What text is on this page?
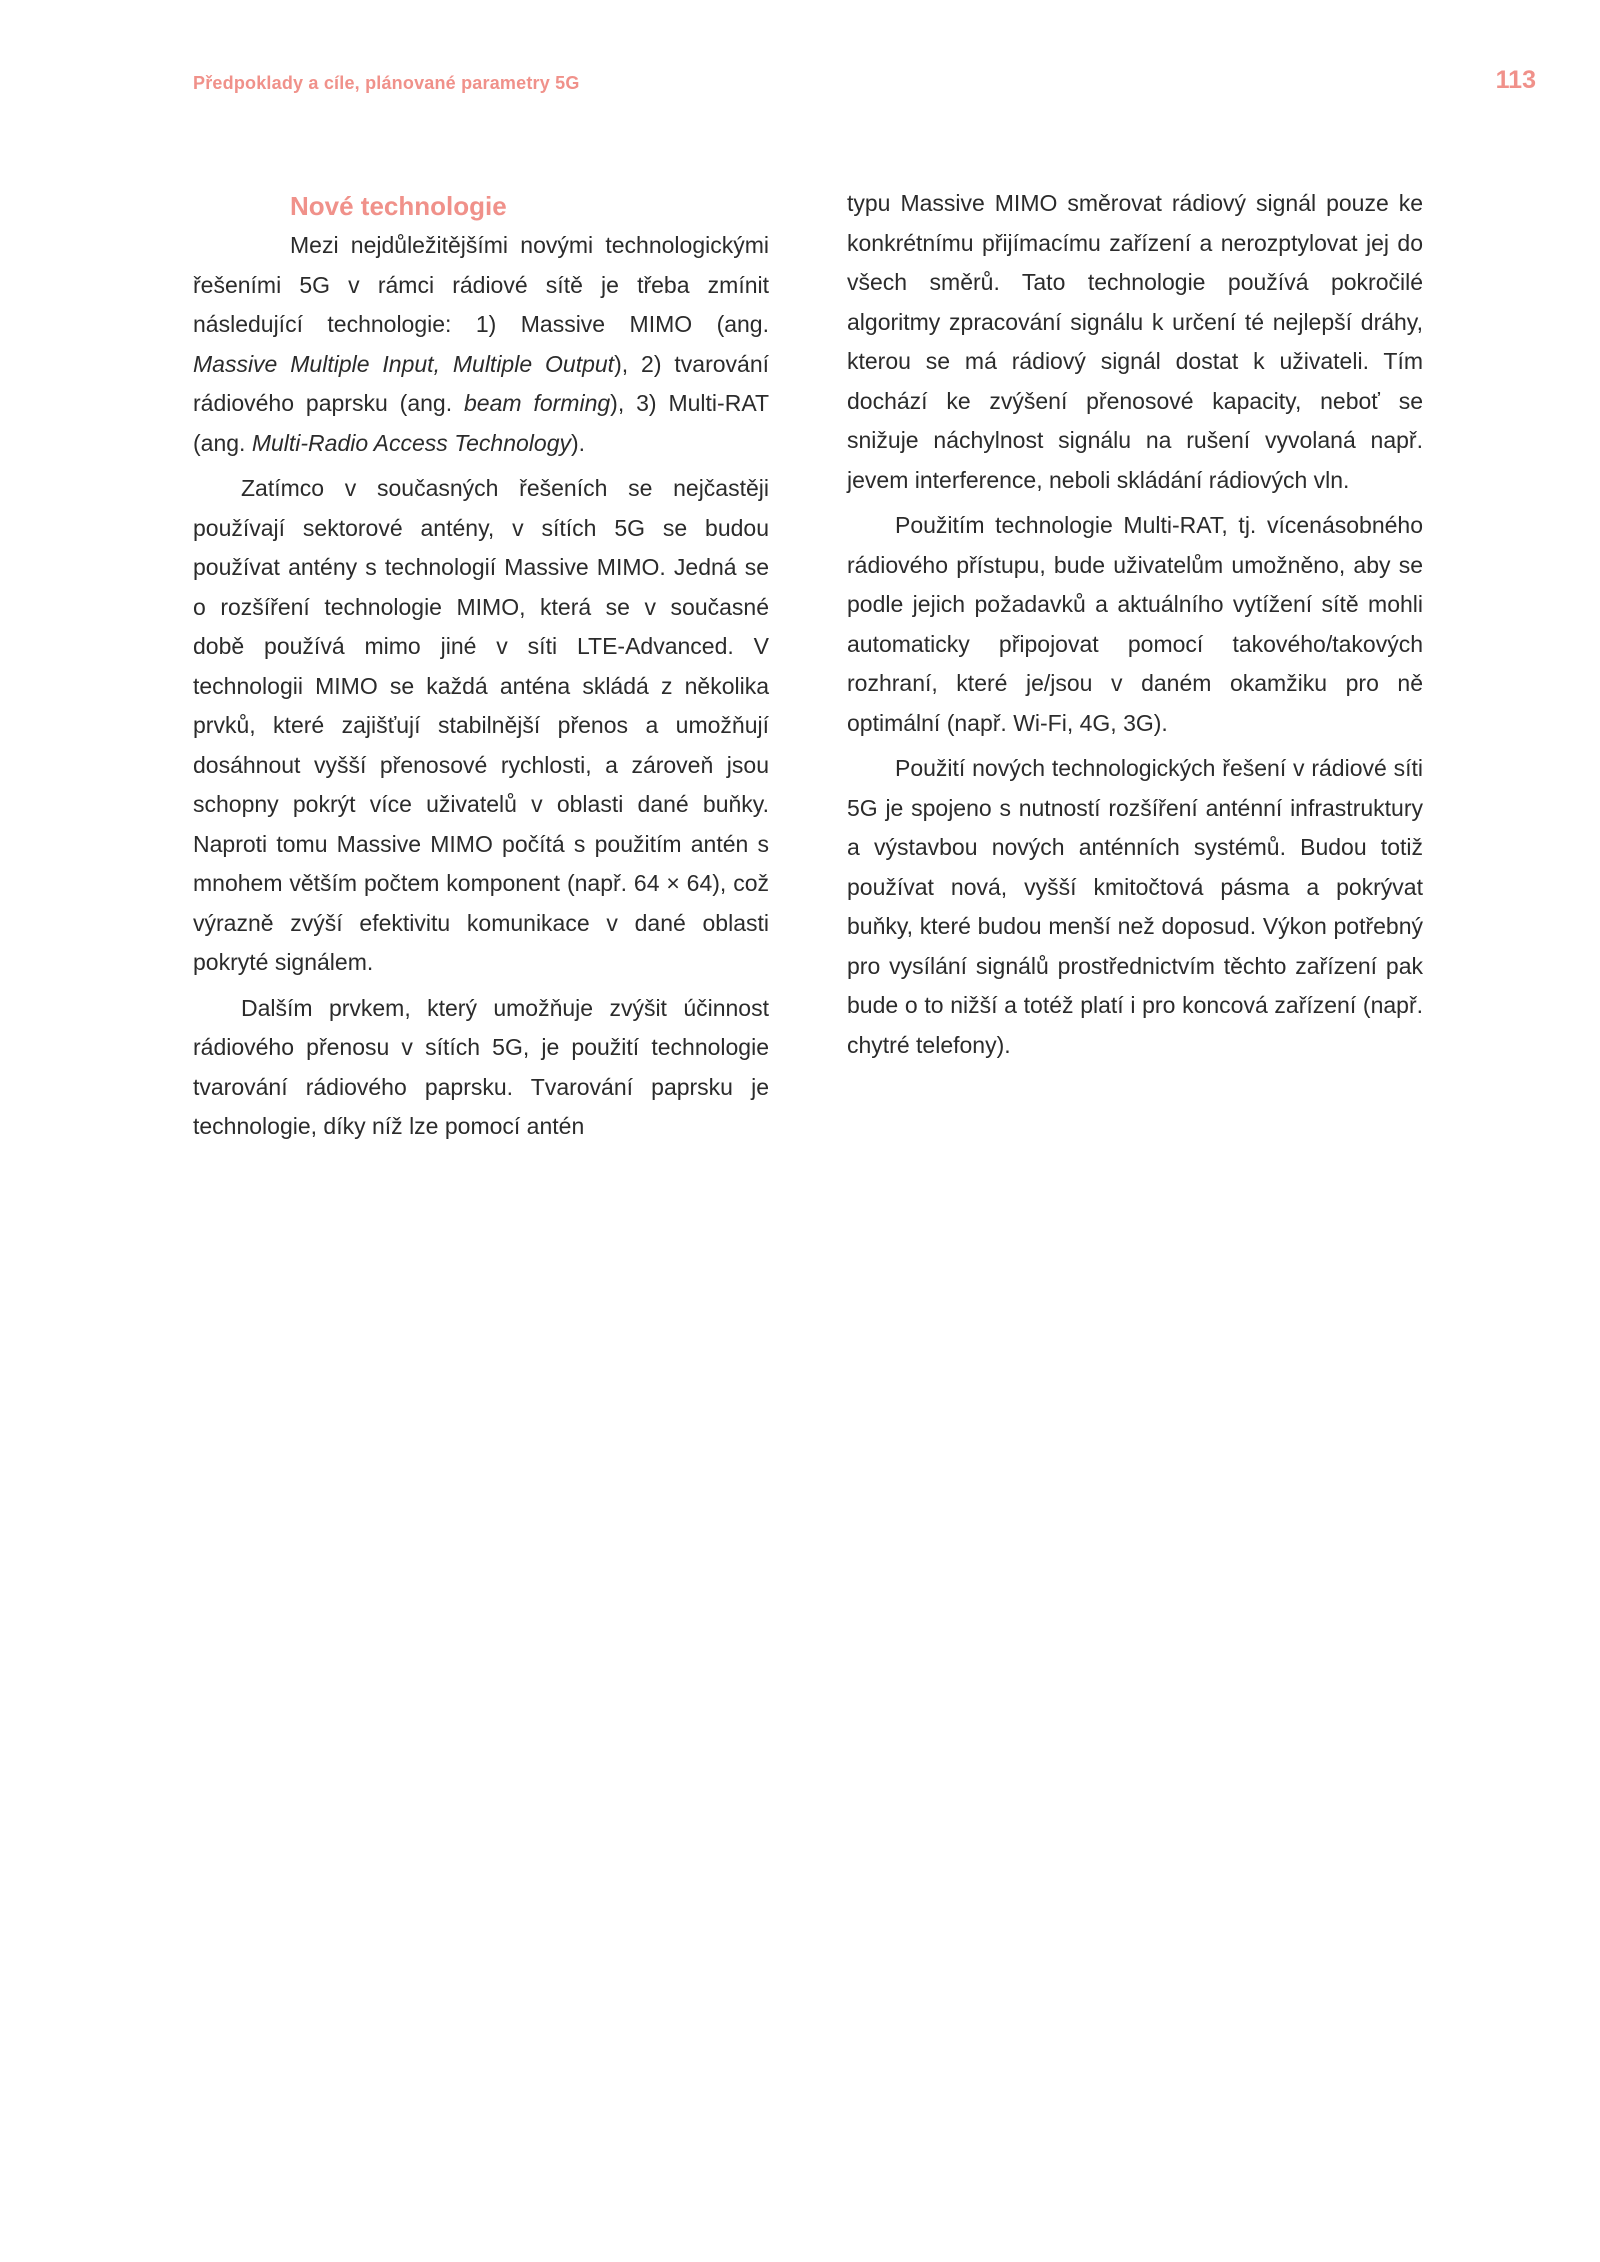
Předpoklady a cíle, plánované parametry 5G	113
Nové technologie

Mezi nejdůležitějšími novými technologickými řešeními 5G v rámci rádiové sítě je třeba zmínit následující technologie: 1) Massive MIMO (ang. Massive Multiple Input, Multiple Output), 2) tvarování rádiového paprsku (ang. beam forming), 3) Multi-RAT (ang. Multi-Radio Access Technology).

Zatímco v současných řešeních se nejčastěji používají sektorové antény, v sítích 5G se budou používat antény s technologií Massive MIMO. Jedná se o rozšíření technologie MIMO, která se v současné době používá mimo jiné v síti LTE-Advanced. V technologii MIMO se každá anténa skládá z několika prvků, které zajišťují stabilnější přenos a umožňují dosáhnout vyšší přenosové rychlosti, a zároveň jsou schopny pokrýt více uživatelů v oblasti dané buňky. Naproti tomu Massive MIMO počítá s použitím antén s mnohem větším počtem komponent (např. 64 × 64), což výrazně zvýší efektivitu komunikace v dané oblasti pokryté signálem.

Dalším prvkem, který umožňuje zvýšit účinnost rádiového přenosu v sítích 5G, je použití technologie tvarování rádiového paprsku. Tvarování paprsku je technologie, díky níž lze pomocí antén

typu Massive MIMO směrovat rádiový signál pouze ke konkrétnímu přijímacímu zařízení a nerozptylovat jej do všech směrů. Tato technologie používá pokročilé algoritmy zpracování signálu k určení té nejlepší dráhy, kterou se má rádiový signál dostat k uživateli. Tím dochází ke zvýšení přenosové kapacity, neboť se snižuje náchylnost signálu na rušení vyvolaná např. jevem interference, neboli skládání rádiových vln.

Použitím technologie Multi-RAT, tj. vícenásobného rádiového přístupu, bude uživatelům umožněno, aby se podle jejich požadavků a aktuálního vytížení sítě mohli automaticky připojovat pomocí takového/takových rozhraní, které je/jsou v daném okamžiku pro ně optimální (např. Wi-Fi, 4G, 3G).

Použití nových technologických řešení v rádiové síti 5G je spojeno s nutností rozšíření anténní infrastruktury a výstavbou nových anténních systémů. Budou totiž používat nová, vyšší kmitočtová pásma a pokrývat buňky, které budou menší než doposud. Výkon potřebný pro vysílání signálů prostřednictvím těchto zařízení pak bude o to nižší a totéž platí i pro koncová zařízení (např. chytré telefony).
